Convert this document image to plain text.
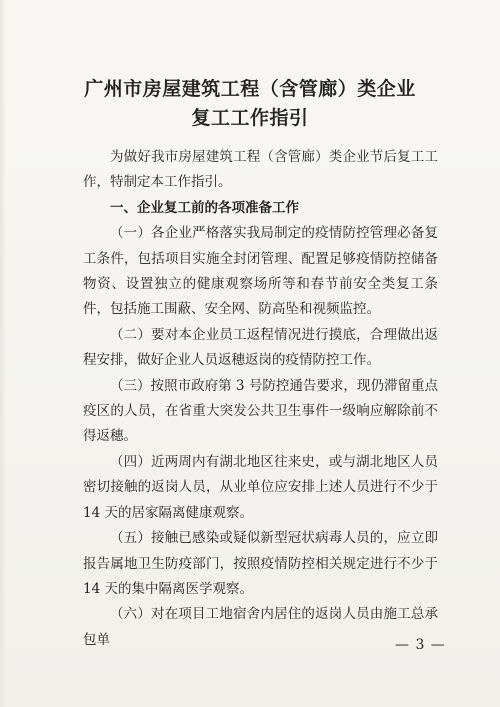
广州市房屋建筑工程（含管廊）类企业
复工工作指引

为做好我市房屋建筑工程（含管廊）类企业节后复工工作，特制定本工作指引。

一、企业复工前的各项准备工作

（一）各企业严格落实我局制定的疫情防控管理必备复工条件，包括项目实施全封闭管理、配置足够疫情防控储备物资、设置独立的健康观察场所等和春节前安全类复工条件，包括施工围蔽、安全网、防高坠和视频监控。

（二）要对本企业员工返程情况进行摸底，合理做出返程安排，做好企业人员返穗返岗的疫情防控工作。

（三）按照市政府第 3 号防控通告要求，现仍滞留重点疫区的人员，在省重大突发公共卫生事件一级响应解除前不得返穗。

（四）近两周内有湖北地区往来史，或与湖北地区人员密切接触的返岗人员，从业单位应安排上述人员进行不少于 14 天的居家隔离健康观察。

（五）接触已感染或疑似新型冠状病毒人员的，应立即报告属地卫生防疫部门，按照疫情防控相关规定进行不少于 14 天的集中隔离医学观察。

（六）对在项目工地宿舍内居住的返岗人员由施工总承包单	— 3 —
